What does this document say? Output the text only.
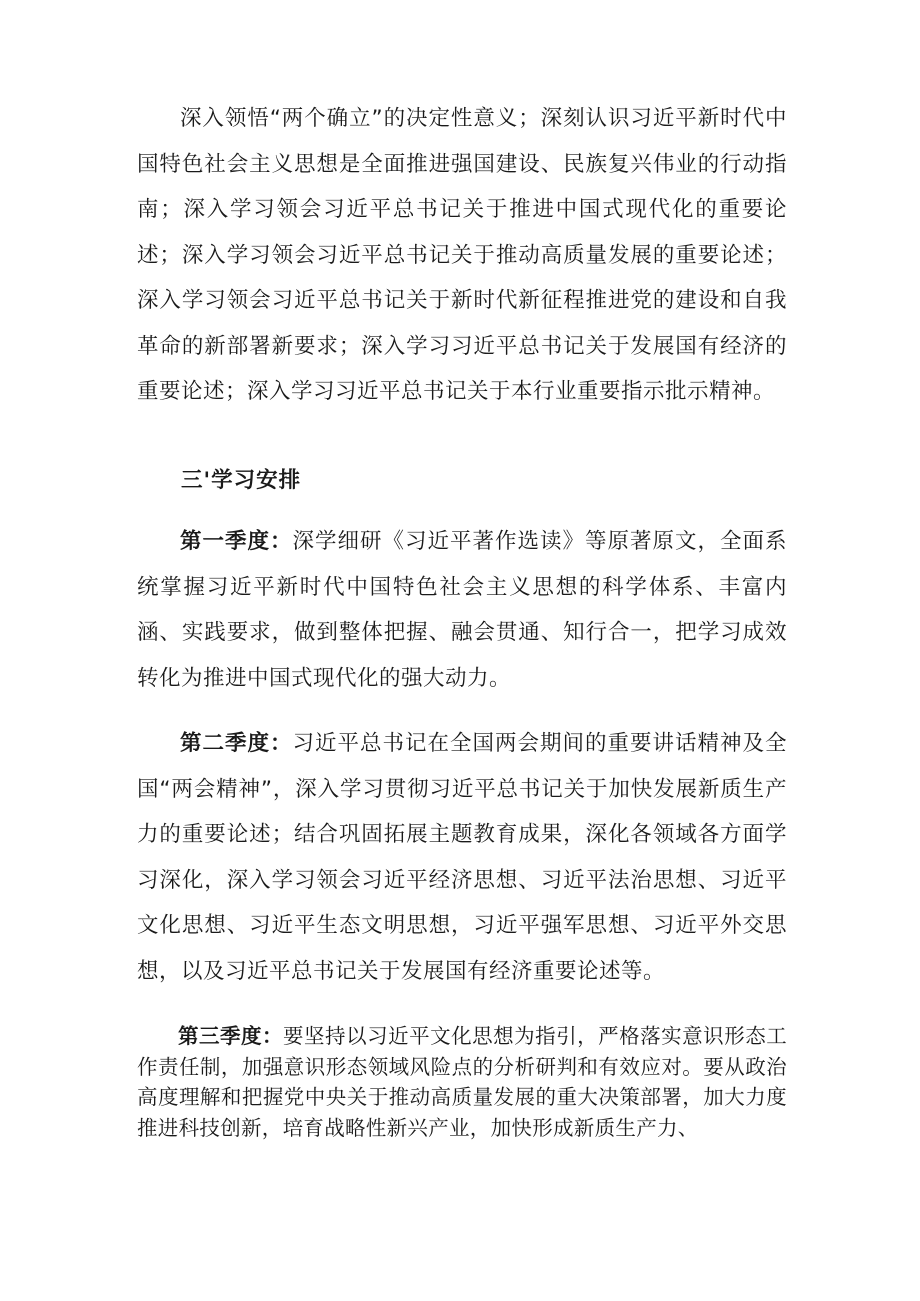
深入领悟“两个确立”的决定性意义；深刻认识习近平新时代中国特色社会主义思想是全面推进强国建设、民族复兴伟业的行动指南；深入学习领会习近平总书记关于推进中国式现代化的重要论述；深入学习领会习近平总书记关于推动高质量发展的重要论述；深入学习领会习近平总书记关于新时代新征程推进党的建设和自我革命的新部署新要求；深入学习习近平总书记关于发展国有经济的重要论述；深入学习习近平总书记关于本行业重要指示批示精神。

三'学习安排

第一季度：深学细研《习近平著作选读》等原著原文，全面系统掌握习近平新时代中国特色社会主义思想的科学体系、丰富内涵、实践要求，做到整体把握、融会贯通、知行合一，把学习成效转化为推进中国式现代化的强大动力。

第二季度：习近平总书记在全国两会期间的重要讲话精神及全国“两会精神”，深入学习贯彻习近平总书记关于加快发展新质生产力的重要论述；结合巩固拓展主题教育成果，深化各领域各方面学习深化，深入学习领会习近平经济思想、习近平法治思想、习近平文化思想、习近平生态文明思想，习近平强军思想、习近平外交思想，以及习近平总书记关于发展国有经济重要论述等。

第三季度：要坚持以习近平文化思想为指引，严格落实意识形态工作责任制，加强意识形态领域风险点的分析研判和有效应对。要从政治高度理解和把握党中央关于推动高质量发展的重大决策部署，加大力度推进科技创新，培育战略性新兴产业，加快形成新质生产力、
